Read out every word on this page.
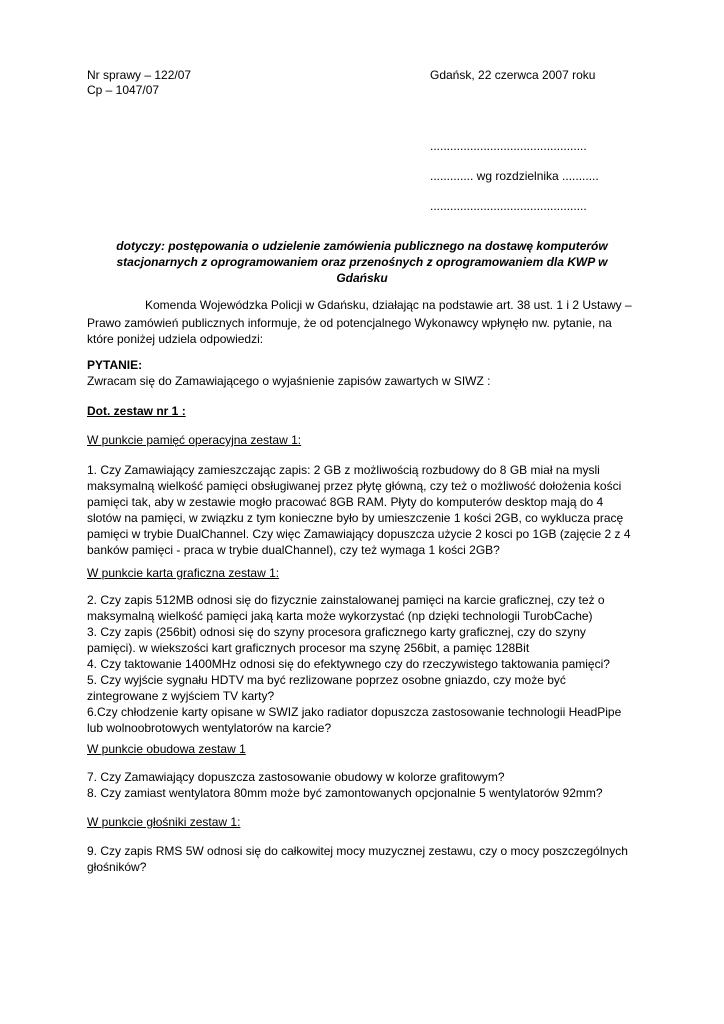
Nr sprawy – 122/07
Cp – 1047/07
Gdańsk, 22 czerwca 2007 roku
...............................................
............. wg rozdzielnika ...........
...............................................
dotyczy: postępowania o udzielenie zamówienia publicznego na dostawę komputerów
stacjonarnych z oprogramowaniem oraz przenośnych z oprogramowaniem dla KWP w
Gdańsku
Komenda Wojewódzka Policji w Gdańsku, działając na podstawie art. 38 ust. 1 i 2 Ustawy –
Prawo zamówień publicznych informuje, że od potencjalnego Wykonawcy wpłynęło nw. pytanie, na
które poniżej udziela odpowiedzi:
PYTANIE:
Zwracam się do Zamawiającego o wyjaśnienie zapisów zawartych w SIWZ :
Dot. zestaw nr 1 :
W punkcie pamięć operacyjna zestaw 1:
1. Czy Zamawiający zamieszczając zapis: 2 GB z możliwością rozbudowy do 8 GB miał na mysli
maksymalną wielkość pamięci obsługiwanej przez płytę główną, czy też o możliwość dołożenia kości
pamięci tak, aby w zestawie mogło pracować 8GB RAM. Płyty do komputerów desktop mają do 4
slotów na pamięci, w związku z tym konieczne było by umieszczenie 1 kości 2GB, co wyklucza pracę
pamięci w trybie DualChannel. Czy więc Zamawiający dopuszcza użycie 2 kosci po 1GB (zajęcie 2 z 4
banków pamięci - praca w trybie dualChannel), czy też wymaga 1 kości 2GB?
W punkcie karta graficzna zestaw 1:
2. Czy zapis 512MB odnosi się do fizycznie zainstalowanej pamięci na karcie graficznej, czy też o
maksymalną wielkość pamięci jaką karta może wykorzystać (np dzięki technologii TurobCache)
3. Czy zapis (256bit) odnosi się do szyny procesora graficznego karty graficznej, czy do szyny
pamięci). w wiekszości kart graficznych procesor ma szynę 256bit, a pamięc 128Bit
4. Czy taktowanie 1400MHz odnosi się do efektywnego czy do rzeczywistego taktowania pamięci?
5. Czy wyjście sygnału HDTV ma być rezlizowane poprzez osobne gniazdo, czy może być
zintegrowane z wyjściem TV karty?
6.Czy chłodzenie karty opisane w SWIZ jako radiator dopuszcza zastosowanie technologii HeadPipe
lub wolnoobrotowych wentylatorów na karcie?
W punkcie obudowa zestaw 1
7. Czy Zamawiający dopuszcza zastosowanie obudowy w kolorze grafitowym?
8. Czy zamiast wentylatora 80mm może być zamontowanych opcjonalnie 5 wentylatorów 92mm?
W punkcie głośniki zestaw 1:
9. Czy zapis RMS 5W odnosi się do całkowitej mocy muzycznej zestawu, czy o mocy poszczególnych
głośników?
